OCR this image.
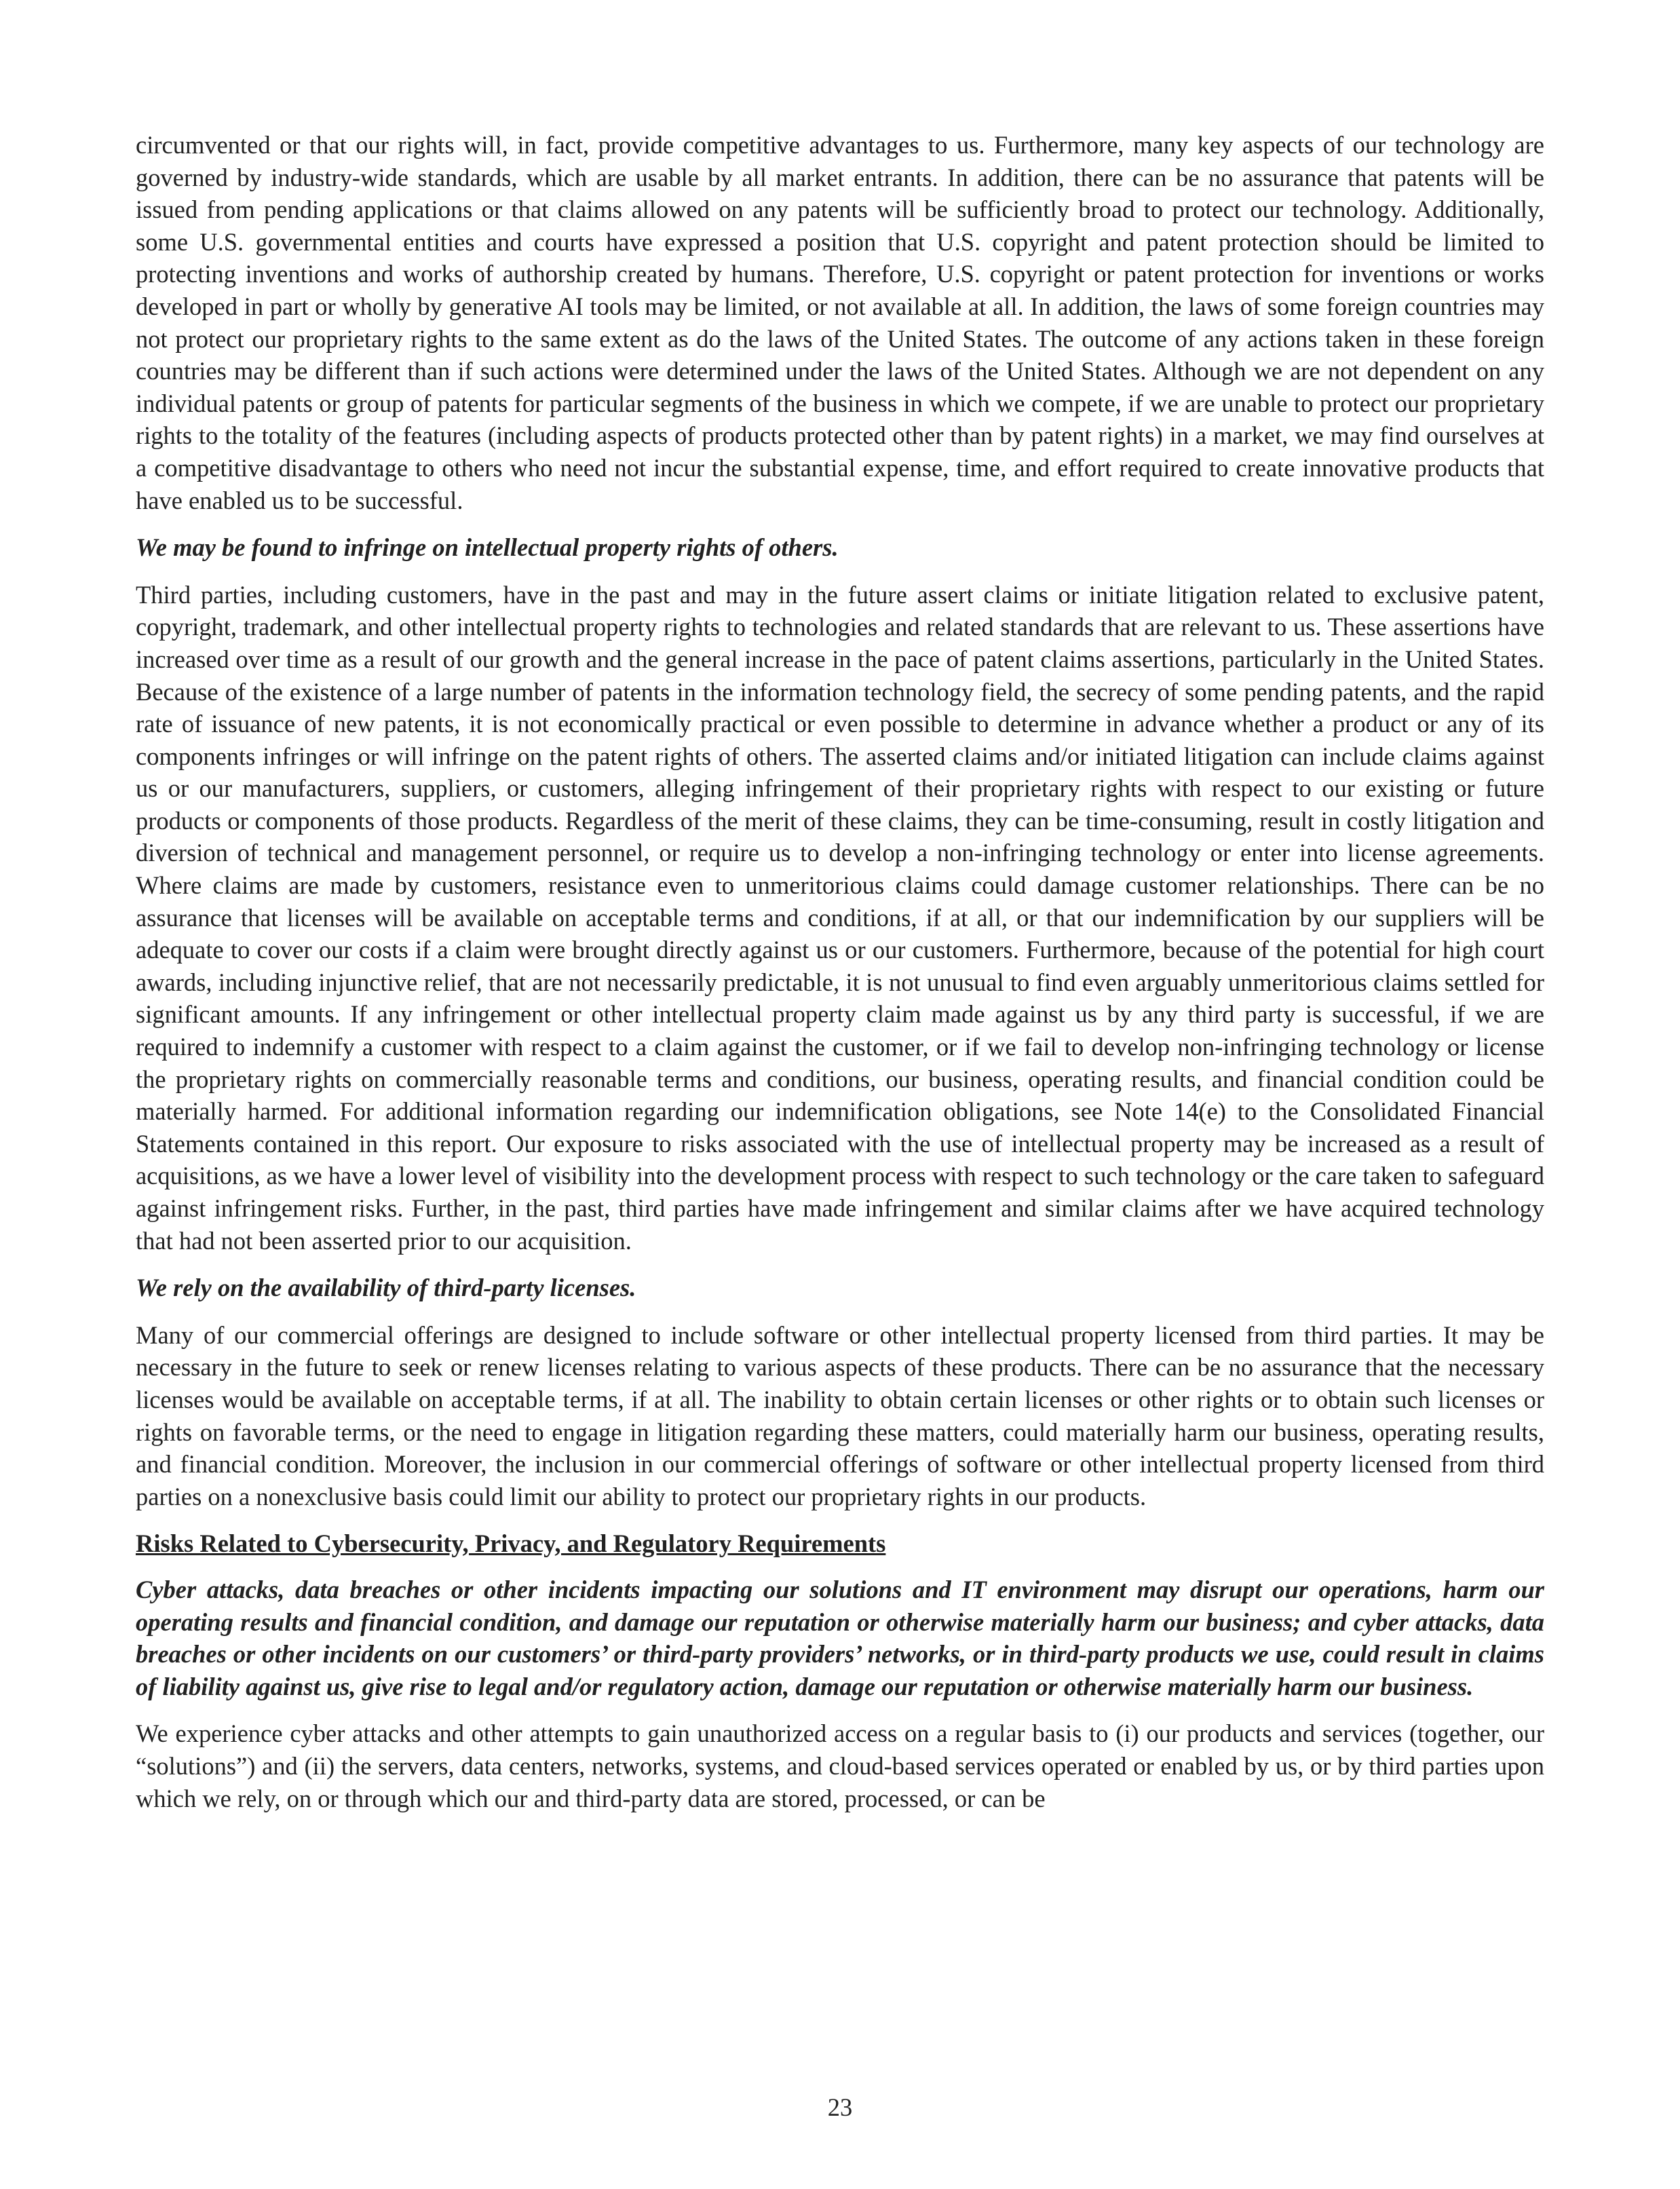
circumvented or that our rights will, in fact, provide competitive advantages to us. Furthermore, many key aspects of our technology are governed by industry-wide standards, which are usable by all market entrants. In addition, there can be no assurance that patents will be issued from pending applications or that claims allowed on any patents will be sufficiently broad to protect our technology. Additionally, some U.S. governmental entities and courts have expressed a position that U.S. copyright and patent protection should be limited to protecting inventions and works of authorship created by humans. Therefore, U.S. copyright or patent protection for inventions or works developed in part or wholly by generative AI tools may be limited, or not available at all. In addition, the laws of some foreign countries may not protect our proprietary rights to the same extent as do the laws of the United States. The outcome of any actions taken in these foreign countries may be different than if such actions were determined under the laws of the United States. Although we are not dependent on any individual patents or group of patents for particular segments of the business in which we compete, if we are unable to protect our proprietary rights to the totality of the features (including aspects of products protected other than by patent rights) in a market, we may find ourselves at a competitive disadvantage to others who need not incur the substantial expense, time, and effort required to create innovative products that have enabled us to be successful.

We may be found to infringe on intellectual property rights of others.

Third parties, including customers, have in the past and may in the future assert claims or initiate litigation related to exclusive patent, copyright, trademark, and other intellectual property rights to technologies and related standards that are relevant to us. These assertions have increased over time as a result of our growth and the general increase in the pace of patent claims assertions, particularly in the United States. Because of the existence of a large number of patents in the information technology field, the secrecy of some pending patents, and the rapid rate of issuance of new patents, it is not economically practical or even possible to determine in advance whether a product or any of its components infringes or will infringe on the patent rights of others. The asserted claims and/or initiated litigation can include claims against us or our manufacturers, suppliers, or customers, alleging infringement of their proprietary rights with respect to our existing or future products or components of those products. Regardless of the merit of these claims, they can be time-consuming, result in costly litigation and diversion of technical and management personnel, or require us to develop a non-infringing technology or enter into license agreements. Where claims are made by customers, resistance even to unmeritorious claims could damage customer relationships. There can be no assurance that licenses will be available on acceptable terms and conditions, if at all, or that our indemnification by our suppliers will be adequate to cover our costs if a claim were brought directly against us or our customers. Furthermore, because of the potential for high court awards, including injunctive relief, that are not necessarily predictable, it is not unusual to find even arguably unmeritorious claims settled for significant amounts. If any infringement or other intellectual property claim made against us by any third party is successful, if we are required to indemnify a customer with respect to a claim against the customer, or if we fail to develop non-infringing technology or license the proprietary rights on commercially reasonable terms and conditions, our business, operating results, and financial condition could be materially harmed. For additional information regarding our indemnification obligations, see Note 14(e) to the Consolidated Financial Statements contained in this report. Our exposure to risks associated with the use of intellectual property may be increased as a result of acquisitions, as we have a lower level of visibility into the development process with respect to such technology or the care taken to safeguard against infringement risks. Further, in the past, third parties have made infringement and similar claims after we have acquired technology that had not been asserted prior to our acquisition.

We rely on the availability of third-party licenses.

Many of our commercial offerings are designed to include software or other intellectual property licensed from third parties. It may be necessary in the future to seek or renew licenses relating to various aspects of these products. There can be no assurance that the necessary licenses would be available on acceptable terms, if at all. The inability to obtain certain licenses or other rights or to obtain such licenses or rights on favorable terms, or the need to engage in litigation regarding these matters, could materially harm our business, operating results, and financial condition. Moreover, the inclusion in our commercial offerings of software or other intellectual property licensed from third parties on a nonexclusive basis could limit our ability to protect our proprietary rights in our products.

Risks Related to Cybersecurity, Privacy, and Regulatory Requirements

Cyber attacks, data breaches or other incidents impacting our solutions and IT environment may disrupt our operations, harm our operating results and financial condition, and damage our reputation or otherwise materially harm our business; and cyber attacks, data breaches or other incidents on our customers’ or third-party providers’ networks, or in third-party products we use, could result in claims of liability against us, give rise to legal and/or regulatory action, damage our reputation or otherwise materially harm our business.

We experience cyber attacks and other attempts to gain unauthorized access on a regular basis to (i) our products and services (together, our “solutions”) and (ii) the servers, data centers, networks, systems, and cloud-based services operated or enabled by us, or by third parties upon which we rely, on or through which our and third-party data are stored, processed, or can be

23
